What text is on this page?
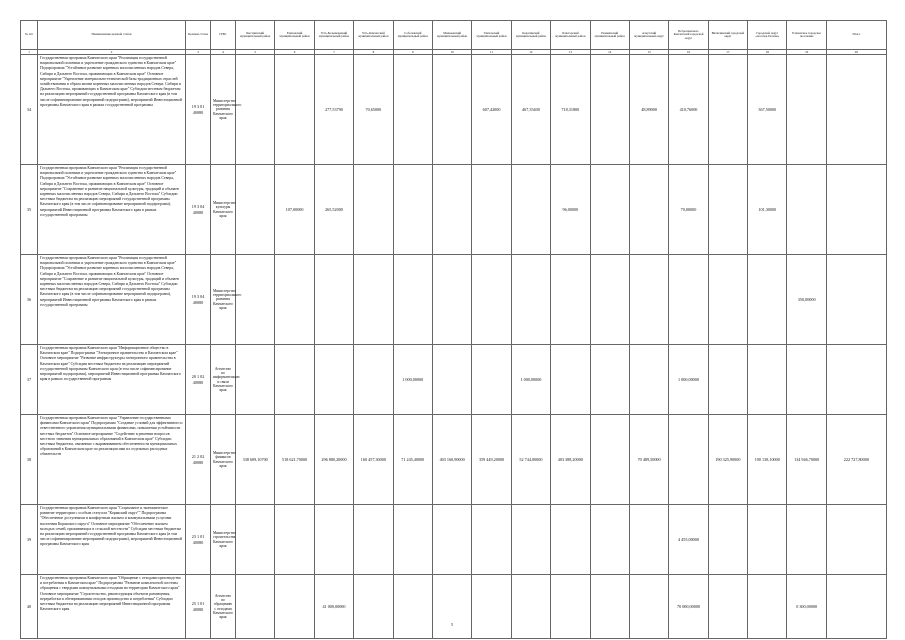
№ п/п	Наименование целевой статьи	Целевая статья	ГРБС	Быстринский муниципальный район	Елизовский муниципальный район	Усть-Большерецкий муниципальный район	Усть-Камчатский муниципальный район	Соболевский муниципальный район	Мильковский муниципальный район	Тигильский муниципальный район	Карагинский муниципальный район	Олюторский муниципальный район	Пенжинский муниципальный район	Алеутский муниципальный округ	Петропавловск-Камчатский городской округ	Вилючинский городской округ	Городской округ «поселок Палана»	Елизовское городское поселение	Итого	
1	2	3	4	5	6	7	8	9	10	11	12	13	14	15	16	17	18	19	20	
34	Государственная программа Камчатского края "Реализация государственной национальной политики и укрепление гражданского единства в Камчатском крае" Подпрограмма "Устойчивое развитие коренных малочисленных народов Севера, Сибири и Дальнего Востока, проживающих в Камчатском крае" Основное мероприятие "Укрепление материально-технической базы традиционных отраслей хозяйствования и образа жизни коренных малочисленных народов Севера, Сибири и Дальнего Востока, проживающих в Камчатском крае" Субсидии местным бюджетам на реализацию мероприятий государственной программы Камчатского края (в том числе софинансирование мероприятий подпрограмм), мероприятий Инвестиционной программы Камчатского края в рамках государственной программы	19 3 01 40080	Министерство территориального развития Камчатского края			277,53790	70,65000			607,42000	467,35400	718,31800		48,89000	410,76000		367,50000					
35	Государственная программа Камчатского края "Реализация государственной национальной политики и укрепление гражданского единства в Камчатском крае" Подпрограмма "Устойчивое развитие коренных малочисленных народов Севера, Сибири и Дальнего Востока, проживающих в Камчатском крае" Основное мероприятие "Сохранение и развитие национальной культуры, традиций и обычаев коренных малочисленных народов Севера, Сибири и Дальнего Востока" Субсидии местным бюджетам на реализацию мероприятий государственной программы Камчатского края (в том числе софинансирование мероприятий подпрограмм), мероприятий Инвестиционной программы Камчатского края в рамках государственной программы	19 3 04 40080	Министерство культуры Камчатского края		107,00000	265,52000						96,00000			70,00000		101,30000					
36	Государственная программа Камчатского края "Реализация государственной национальной политики и укрепление гражданского единства в Камчатском крае" Подпрограмма "Устойчивое развитие коренных малочисленных народов Севера, Сибири и Дальнего Востока, проживающих в Камчатском крае" Основное мероприятие "Сохранение и развитие национальной культуры, традиций и обычаев коренных малочисленных народов Севера, Сибири и Дальнего Востока" Субсидии местным бюджетам на реализацию мероприятий государственной программы Камчатского края (в том числе софинансирование мероприятий подпрограмм), мероприятий Инвестиционной программы Камчатского края в рамках государственной программы	19 3 04 40080	Министерство территориального развития Камчатского края															350,00000				
37	Государственная программа Камчатского края "Информационное общество в Камчатском крае" Подпрограмма "Электронное правительство в Камчатском крае" Основное мероприятие "Развитие инфраструктуры электронного правительства в Камчатском крае" Субсидии местным бюджетам на реализацию мероприятий государственной программы Камчатского края (в том числе софинансирование мероприятий подпрограмм), мероприятий Инвестиционной программы Камчатского края в рамках государственной программы	20 1 02 40080	Агентство по информатизации и связи Камчатского края					1 000,00000			1 000,00000				1 000,00000							
38	Государственная программа Камчатского края "Управление государственными финансами Камчатского края" Подпрограмма "Создание условий для эффективного и ответственного управления муниципальными финансами, повышения устойчивости местных бюджетов" Основное мероприятие "Содействие в решении вопросов местного значения муниципальных образований в Камчатском крае" Субсидии местным бюджетам, связанные с выравниванием обеспеченности муниципальных образований в Камчатском крае по реализации ими их отдельных расходных обязательств	21 2 02 40080	Министерство финансов Камчатского края	338 609,10700	518 621,70000	296 880,20000	160 457,30000	71 245,40000	403 160,90000	359 449,20000	52 744,00000	403 388,20000		70 489,50000		190 325,90000	190 138,10000	134 946,70000	222 727,80000			
39	Государственная программа Камчатского края "Социальное и экономическое развитие территории с особым статусом "Корякский округ"" Подпрограмма "Обеспечение доступными и комфортным жильем и коммунальными услугами населения Корякского округа" Основное мероприятие "Обеспечение жильем молодых семей, проживающих в сельской местности" Субсидии местным бюджетам на реализацию мероприятий государственной программы Камчатского края (в том числе софинансирование мероприятий подпрограмм), мероприятий Инвестиционной программы Камчатского края	23 1 01 40080	Министерство строительства Камчатского края												4 455,00000							
40	Государственная программа Камчатского края "Обращение с отходами производства и потребления в Камчатском крае" Подпрограмма "Развитие комплексной системы обращения с твердыми коммунальными отходами на территории Камчатского края" Основное мероприятие "Строительство, реконструкция объектов размещения, переработки и обезвреживания отходов производства и потребления" Субсидии местным бюджетам на реализацию мероприятий Инвестиционной программы Камчатского края	25 1 01 40080	Агентство по обращению с отходами Камчатского края			41 000,00000									70 000,00000			0 300,00000				
5
